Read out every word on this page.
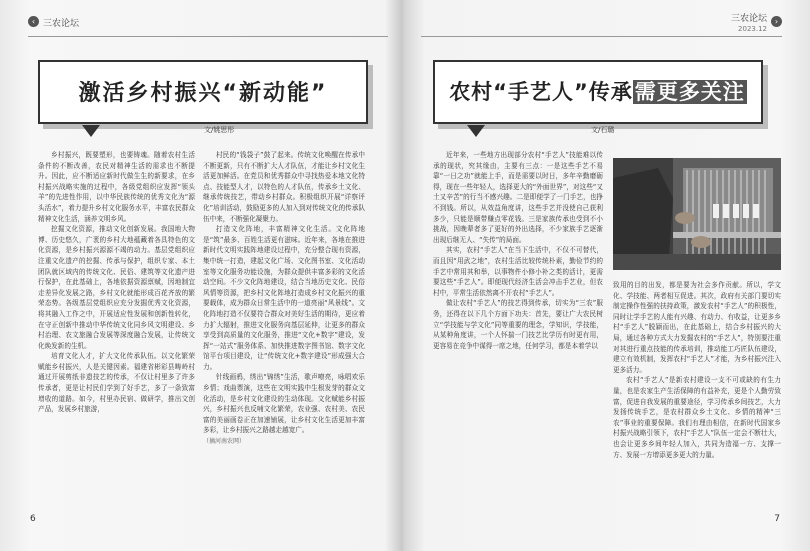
‹ 三农论坛
激活乡村振兴“新动能”
文/姚思彤

乡村振兴，既要塑形，也要铸魂。随着农村生活条件的不断改善，农民对精神生活的需求也不断提升。因此，应不断适应新时代做生生的新要求，在乡村振兴战略实施的过程中，各级党组织应发挥“领头羊”的先进性作用，以中华民族传统的优秀文化为“源头活水”，着力提升乡村文化服务水平，丰富农民群众精神文化生活，涵养文明乡风。

挖掘文化资源，推动文化创新发展。我国地大物博、历史悠久，广袤的乡村大地蕴藏着各具特色的文化资源，是乡村振兴源源不竭的动力。基层党组织应注重文化遗产的挖掘、传承与保护，组织专家、本土团队就区域内的传统文化、民俗、建筑等文化遗产进行保护，在此基础上，各地依据资源禀赋，因地制宜走差异化发展之路，乡村文化就能形成百花齐放的繁荣态势。各级基层党组织应充分发掘优秀文化资源，将其融入工作之中，开展适应性发展和创新性转化，在守正创新中推动中华传统文化同乡风文明建设、乡村治理、农文旅融合发展等深度融合发展，让传统文化焕发新的生机。

培育文化人才，扩大文化传承队伍。以文化繁荣赋能乡村振兴，人是关键因素。福建省彬彩县畴岭村通过开展剪纸非遗技艺的传承，不仅让村里多了许多传承者，更是让村民们学到了好手艺，多了一条致富增收的道路。如今，村里办民宿、做研学，推出文创产品，发展乡村旅游，

村民的“钱袋子”鼓了起来。传统文化唤醒在传承中不断更新，只有不断扩大人才队伍，才能让乡村文化生活更加鲜活。在党员和优秀群众中寻找热爱本地文化特点、技能型人才，以特色的人才队伍，传承乡土文化、继承传统技艺，带动乡村群众。积极组织开展“详察评化”培训活动，鼓励更多的人加入到对传统文化的传承队伍中来，不断强化凝聚力。

打造文化阵地，丰富精神文化生活。文化阵地是“筑”最多、百姓生活更有滋味。近年来，各地在推进新时代文明实践阵地建设过程中，充分整合现有资源，集中统一打造，建起文化广场、文化图书室、文化活动室等文化服务功能设施，为群众提供丰富多彩的文化活动空间。不少文化阵地建设，结合当地历史文化、民俗风情等资源，把乡村文化阵地打造成乡村文化振兴的重要载体，成为群众日常生活中的一道亮丽“风景线”。文化阵地打造不仅要符合群众对美好生活的期待，更应着力扩大辐射，推进文化服务向基层延伸，让更多的群众享受到高质量的文化服务，推进“文化+数字”建设，发挥“一站式”服务体系、加快推进数字图书馆、数字文化馆平台项目建设，让“传统文化+数字建设”形成强大合力。

针线画鸦，绣出“锦绣”生活，歌声嘹亮，咏唱欢乐乡情；戏曲票演，这些在文明实践中生根发芽的群众文化活动，是乡村文化建设的生动体现。文化赋能乡村振兴，乡村振兴也反哺文化繁荣，农业强、农村美、农民富的美丽画卷正在加速铺展，让乡村文化生活更加丰富多彩，让乡村振兴之路越走越宽广。

（摘河南农网）
6
三农论坛
2023.12
›
农村“手艺人”传承需更多关注
文/石璐

近年来，一些地方出现部分农村“手艺人”技能难以传承的现状，究其缘由，主要有三点：一是这些手艺不易靠“一日之功”就能上手，而是需要以时日，多年辛勤磨砺得，现在一些年轻人，选择更大的“外面世界”，对这些“又土又辛苦”的行当不感兴趣。二是即便学了一门手艺，也挣不到钱。所以，从效益角度讲，这些手艺并没使自己获利多少，只能是顺带赚点零花钱。三是家族传承也受到不小挑战，因晚辈者多了更好的外出选择，不少家族手艺逐渐出现后继无人、“失传”的局面。

其实，农村“手艺人”在当下生活中，不仅不可替代，而且因“用武之地”，农村生活比较传统朴素，勤俭节约的手艺中常用其和举，以事物件小修小补之类的活计，更需要这些“手艺人”。即便现代经济生活会冲击手艺业，但农村中，平常生活依然离不开农村“手艺人”。

做让农村“手艺人”的技艺得到传承，切实为“三农”服务，还得在以下几个方面下功夫：首先，要让广大农民树立“学技能与学文化”同等重要的理念，学知识，学技能，从某种角度讲，一个人怀揣一门技艺比学历有时更有用，更容易在竞争中谋得一席之地，任何学习，都是本着学以

致用的目的出发，都是要为社会多作贡献。所以，学文化、学技能、两者相互促进。其次，政府有关部门要切实制定操作性强的扶持政策，激发农村“手艺人”的积极性，同时让学手艺的人能有兴趣、有动力、有收益，让更多乡村“手艺人”脱颖而出，在此基础上，结合乡村振兴的大局，通过各种方式大力发掘农村的“手艺人”，特别要注重对其进行重点技能的传承培训，推动能工巧匠队伍建设，建立有效机制，发挥农村“手艺人”才能，为乡村振兴注入更多活力。

农村“手艺人”是新农村建设一支不可或缺的有生力量，也是农家生产生活保障的有益补充，更是个人勤劳致富，促进自我发展的重要途径，学习传承乡间技艺，大力发扬传统手艺，是农村群众乡土文化、乡情的精神“三农”事业的重要保障。我们有理由相信，在新时代国家乡村振兴战略引领下，农村“手艺人”队伍一定会不断壮大，也会让更多乡间年轻人加入，共同为造福一方、支撑一方、发展一方增添更多更大的力量。

7
